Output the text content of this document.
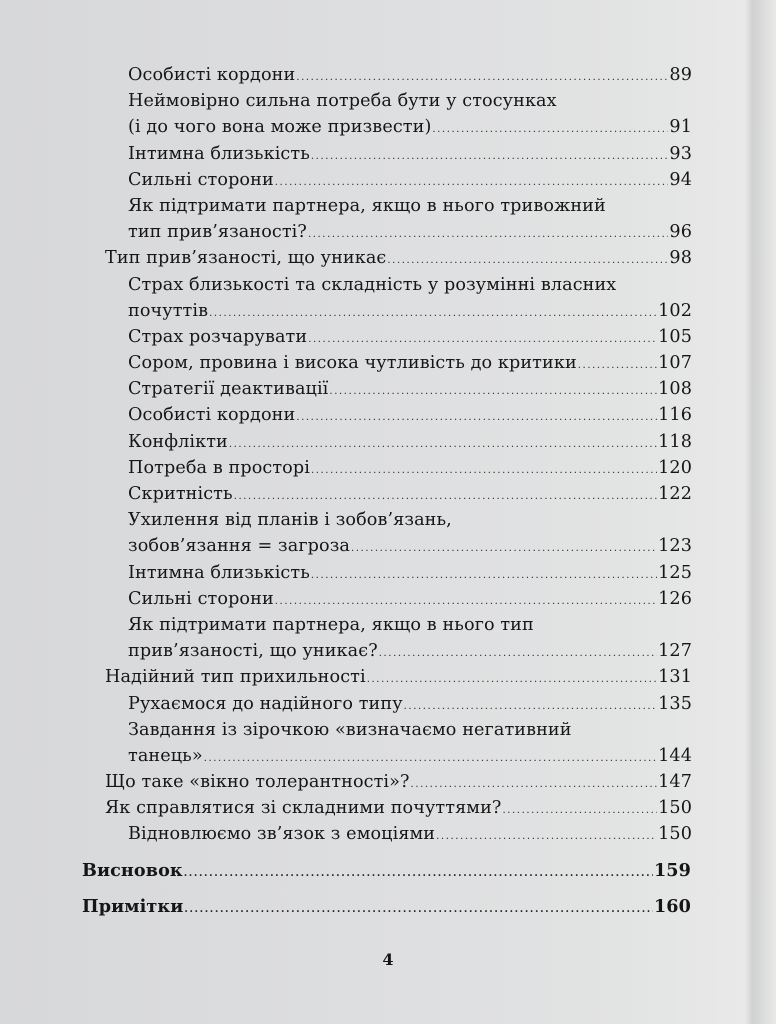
Особисті кордони .....	89
Неймовірно сильна потреба бути у стосунках
(і до чого вона може призвести) .....	91
Інтимна близькість .....	93
Сильні сторони .....	94
Як підтримати партнера, якщо в нього тривожний
тип прив’язаності? .....	96
Тип прив’язаності, що уникає .....	98
Страх близькості та складність у розумінні власних
почуттів .....	102
Страх розчарувати .....	105
Сором, провина і висока чутливість до критики .....	107
Стратегії деактивації .....	108
Особисті кордони .....	116
Конфлікти .....	118
Потреба в просторі .....	120
Скритність .....	122
Ухилення від планів і зобов’язань,
зобов’язання = загроза .....	123
Інтимна близькість .....	125
Сильні сторони .....	126
Як підтримати партнера, якщо в нього тип
прив’язаності, що уникає? .....	127
Надійний тип прихильності .....	131
Рухаємося до надійного типу .....	135
Завдання із зірочкою «визначаємо негативний
танець» .....	144
Що таке «вікно толерантності»? .....	147
Як справлятися зі складними почуттями? .....	150
Відновлюємо зв’язок з емоціями .....	150
Висновок .....	159
Примітки .....	160
4
